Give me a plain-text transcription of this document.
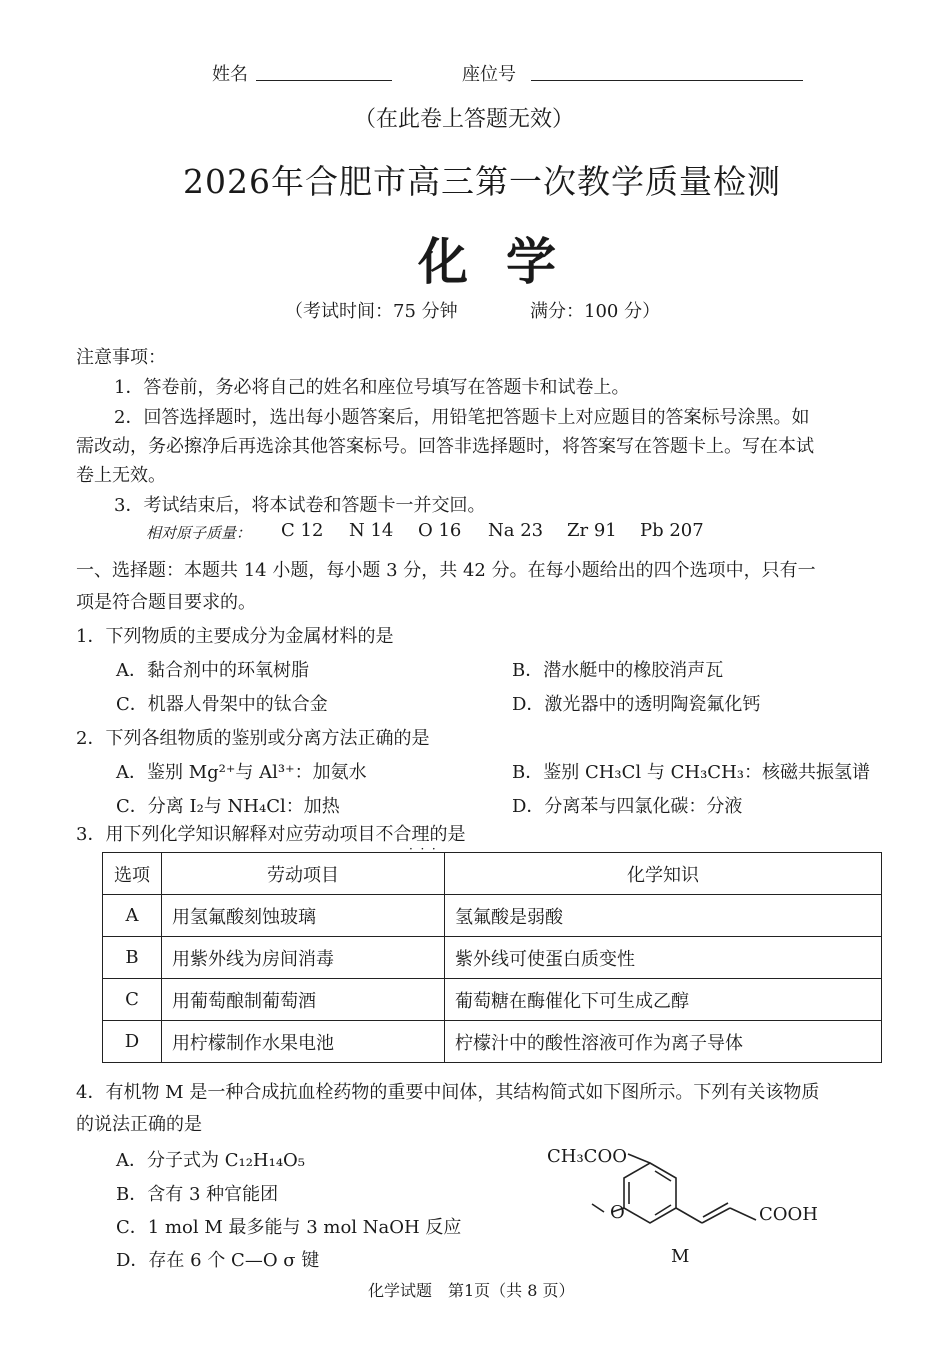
姓名	座位号
（在此卷上答题无效）
2026年合肥市高三第一次教学质量检测
化学
（考试时间：75 分钟	满分：100 分）
注意事项：
1．答卷前，务必将自己的姓名和座位号填写在答题卡和试卷上。
2．回答选择题时，选出每小题答案后，用铅笔把答题卡上对应题目的答案标号涂黑。如
需改动，务必擦净后再选涂其他答案标号。回答非选择题时，将答案写在答题卡上。写在本试
卷上无效。
3．考试结束后，将本试卷和答题卡一并交回。
相对原子质量： C 12 N 14 O 16 Na 23 Zr 91 Pb 207
一、选择题：本题共 14 小题，每小题 3 分，共 42 分。在每小题给出的四个选项中，只有一
项是符合题目要求的。
1．下列物质的主要成分为金属材料的是
A．黏合剂中的环氧树脂	B．潜水艇中的橡胶消声瓦
C．机器人骨架中的钛合金	D．激光器中的透明陶瓷氟化钙
2．下列各组物质的鉴别或分离方法正确的是
A．鉴别 Mg²⁺与 Al³⁺：加氨水	B．鉴别 CH₃Cl 与 CH₃CH₃：核磁共振氢谱
C．分离 I₂与 NH₄Cl：加热	D．分离苯与四氯化碳：分液
3．用下列化学知识解释对应劳动项目不合理的是
·  ·  ·
选项	劳动项目	化学知识
A	用氢氟酸刻蚀玻璃	氢氟酸是弱酸
B	用紫外线为房间消毒	紫外线可使蛋白质变性
C	用葡萄酿制葡萄酒	葡萄糖在酶催化下可生成乙醇
D	用柠檬制作水果电池	柠檬汁中的酸性溶液可作为离子导体
4．有机物 M 是一种合成抗血栓药物的重要中间体，其结构简式如下图所示。下列有关该物质
的说法正确的是
A．分子式为 C₁₂H₁₄O₅
B．含有 3 种官能团
C．1 mol M 最多能与 3 mol NaOH 反应
D．存在 6 个 C—O σ 键
CH₃COO
O	COOH
M
化学试题　第1页（共 8 页）
